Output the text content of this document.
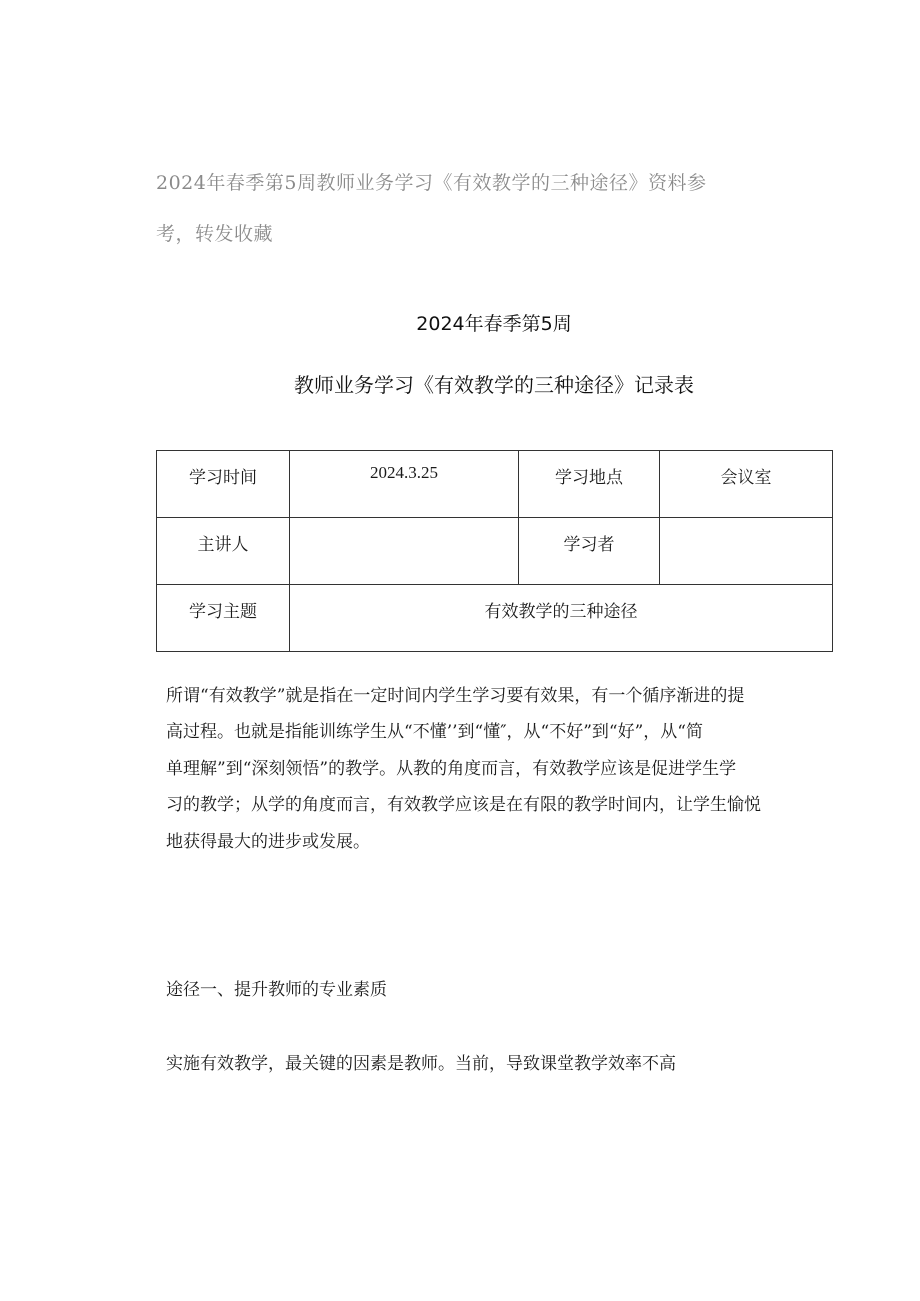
2024年春季第5周教师业务学习《有效教学的三种途径》资料参
考，转发收藏
2024年春季第5周
教师业务学习《有效教学的三种途径》记录表
学习时间	2024.3.25	学习地点	会议室
主讲人		学习者	
学习主题	有效教学的三种途径		
所谓“有效教学”就是指在一定时间内学生学习要有效果，有一个循序渐进的提
高过程。也就是指能训练学生从“不懂’’到“懂″，从“不好”到“好”，从“简
单理解”到“深刻领悟”的教学。从教的角度而言，有效教学应该是促进学生学
习的教学；从学的角度而言，有效教学应该是在有限的教学时间内，让学生愉悦
地获得最大的进步或发展。
途径一、提升教师的专业素质
实施有效教学，最关键的因素是教师。当前，导致课堂教学效率不高
